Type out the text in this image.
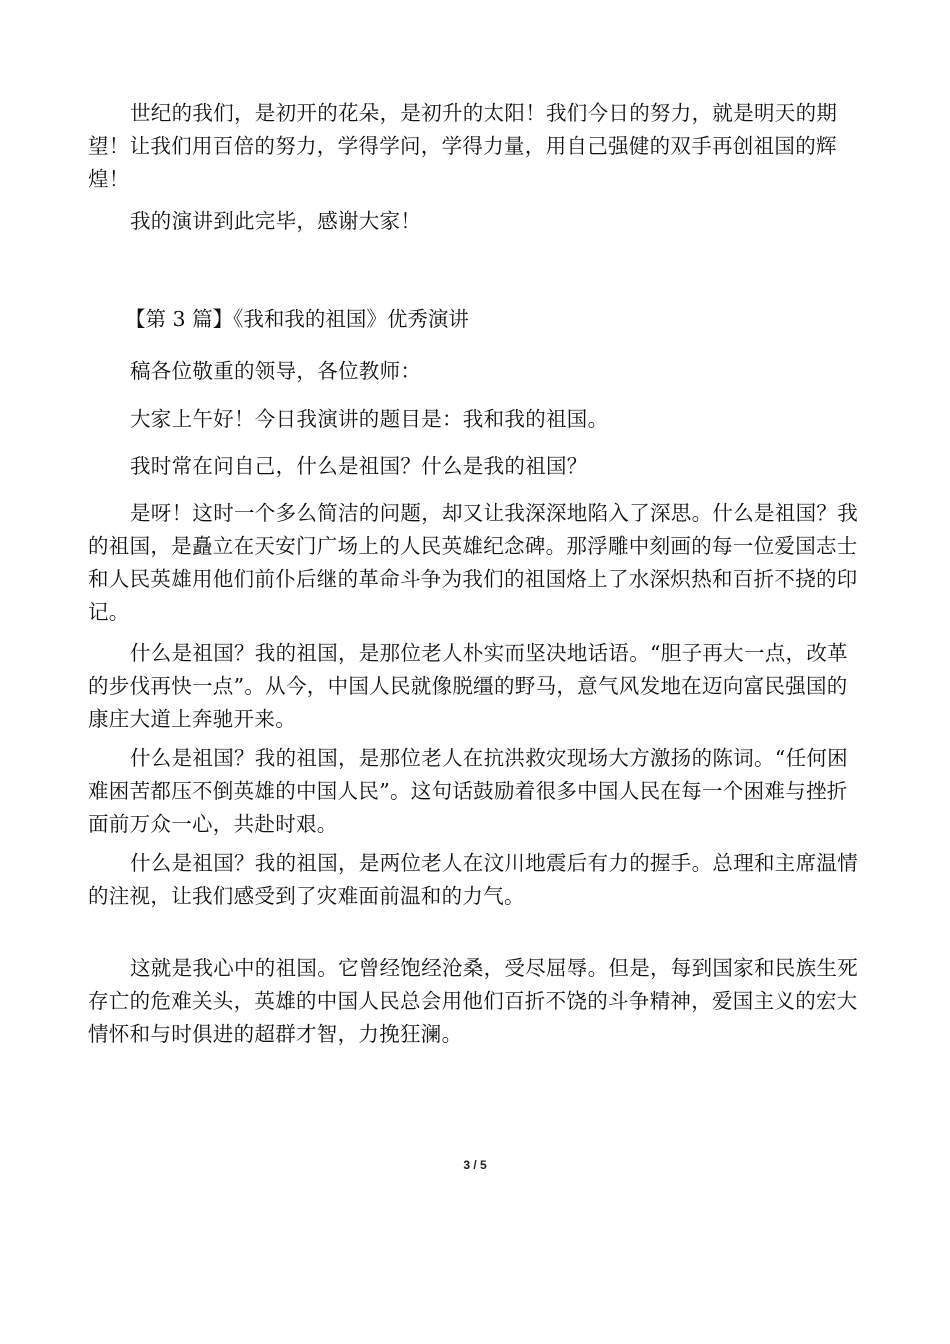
世纪的我们，是初开的花朵，是初升的太阳！我们今日的努力，就是明天的期望！让我们用百倍的努力，学得学问，学得力量，用自己强健的双手再创祖国的辉煌！

我的演讲到此完毕，感谢大家！

【第 3 篇】《我和我的祖国》优秀演讲

稿各位敬重的领导，各位教师：

大家上午好！今日我演讲的题目是：我和我的祖国。

我时常在问自己，什么是祖国？什么是我的祖国？

是呀！这时一个多么简洁的问题，却又让我深深地陷入了深思。什么是祖国？我的祖国，是矗立在天安门广场上的人民英雄纪念碑。那浮雕中刻画的每一位爱国志士和人民英雄用他们前仆后继的革命斗争为我们的祖国烙上了水深炽热和百折不挠的印记。

什么是祖国？我的祖国，是那位老人朴实而坚决地话语。“胆子再大一点，改革的步伐再快一点”。从今，中国人民就像脱缰的野马，意气风发地在迈向富民强国的康庄大道上奔驰开来。

什么是祖国？我的祖国，是那位老人在抗洪救灾现场大方激扬的陈词。“任何困难困苦都压不倒英雄的中国人民”。这句话鼓励着很多中国人民在每一个困难与挫折面前万众一心，共赴时艰。

什么是祖国？我的祖国，是两位老人在汶川地震后有力的握手。总理和主席温情的注视，让我们感受到了灾难面前温和的力气。

这就是我心中的祖国。它曾经饱经沧桑，受尽屈辱。但是，每到国家和民族生死存亡的危难关头，英雄的中国人民总会用他们百折不饶的斗争精神，爱国主义的宏大情怀和与时俱进的超群才智，力挽狂澜。

3 / 5
